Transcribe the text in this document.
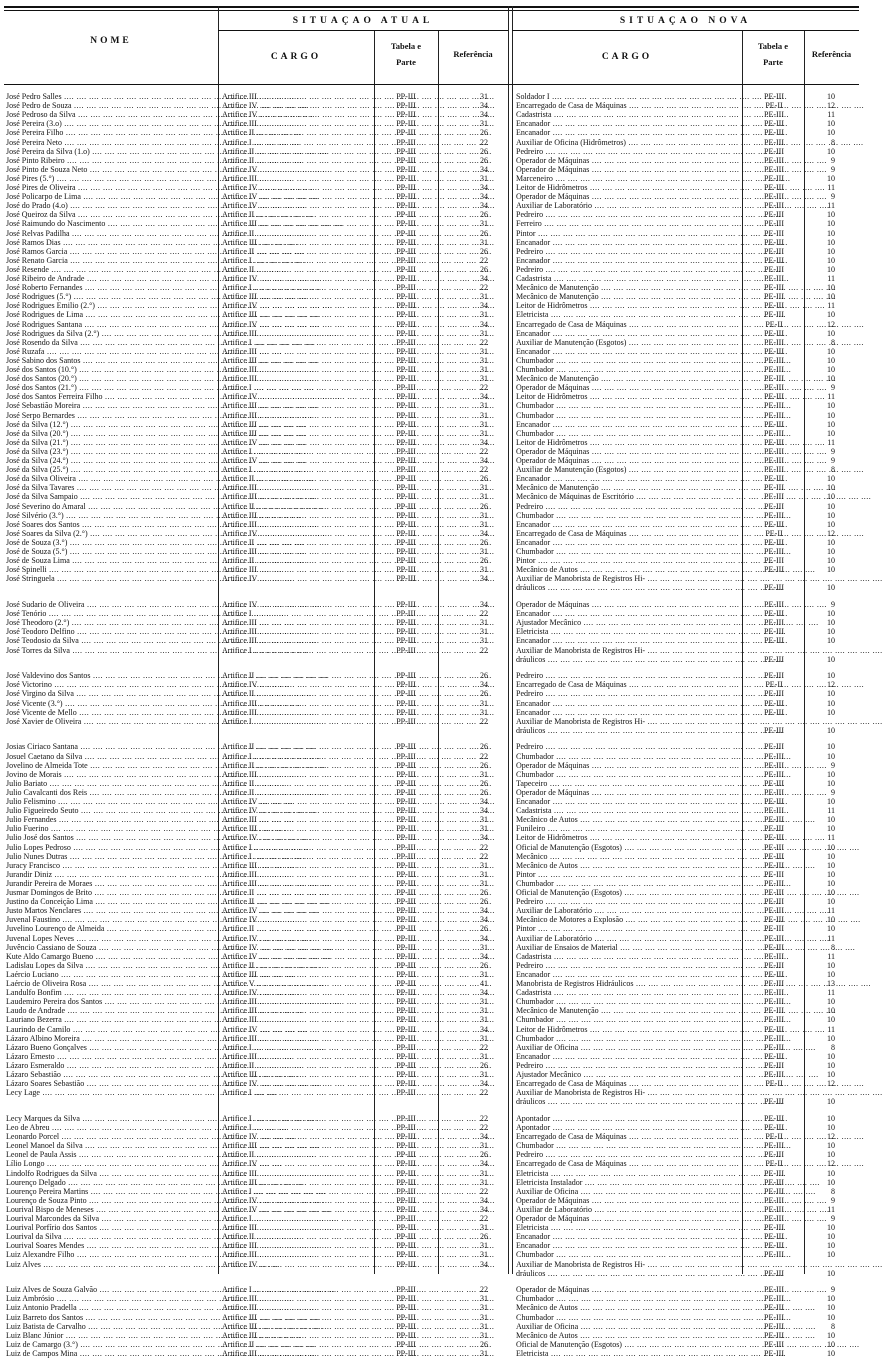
NOME
SITUAÇAO ATUAL	SITUAÇAO NOVA
CARGO
Tabela e
Parte
Referência	CARGO
Tabela e
Parte
Referência
José Pedro Salles ....	Artifice III ....	PP-III	31	Soldador I ....	PE-III	10
José Pedro de Souza ....	Artifice IV ....	PP-III	34	Encarregado de Casa de Máquinas ....	PE-II	12
José Pedroso da Silva ....	Artifice IV ....	PP-III	34	Cadastrista ....	PE-III	11
José Pereira (3.o) ....	Artifice III ....	PP-III	31	Encanador ....	PE-III	10
José Pereira Filho ....	Artifice II ....	PP-III	26	Encanador ....	PE-III	10
José Pereira Neto ....	Artifice I ....	PP-III	22	Auxiliar de Oficina (Hidrômetros) ....	PE-III	8
José Pereira da Silva (1.o) ....	Artifice II ....	PP-III	26	Pedreiro ....	PE-III	10
José Pinto Ribeiro ....	Artifice II ....	PP-III	26	Operador de Máquinas ....	PE-III	9
José Pinto de Souza Neto ....	Artifice IV ....	PP-III	34	Operador de Máquinas ....	PE-III	9
José Pires (5.°) ....	Artifice III ....	PP-III	31	Marceneiro ....	PE-III	10
José Pires de Oliveira ....	Artifice IV ....	PP-III	34	Leitor de Hidrômetros ....	PE-III	11
José Policarpo de Lima ....	Artifice IV ....	PP-III	34	Operador de Máquinas ....	PE-III	9
José do Prado (4.o) ....	Artifice IV ....	PP-III	34	Auxiliar de Laboratório ....	PE-III	11
José Queiroz da Silva ....	Artifice II ....	PP-III	26	Pedreiro ....	PE-III	10
José Raimundo do Nascimento ....	Artifice III ....	PP-III	31	Ferreiro ....	PE-III	10
José Relvas Padilha ....	Artifice II ....	PP-III	26	Pintor ....	PE-III	10
José Ramos Dias ....	Artifice III ....	PP-III	31	Encanador ....	PE-III	10
José Ramos Garcia ....	Artifice II ....	PP-III	26	Pedreiro ....	PE-III	10
José Renato Garcia ....	Artifice I ....	PP-III	22	Encanador ....	PE-III	10
José Resende ....	Artifice II ....	PP-III	26	Pedreiro ....	PE-III	10
José Ribeiro de Andrade ....	Artifice IV ....	PP-III	34	Cadastrista ....	PE-III	11
José Roberto Fernandes ....	Artifice I ....	PP-III	22	Mecânico de Manutenção ....	PE-III	10
José Rodrigues (5.°) ....	Artifice III ....	PP-III	31	Mecânico de Manutenção ....	PE-III	10
José Rodrigues Emilio (2.°) ....	Artifice IV ....	PP-III	34	Leitor de Hidrômetros ....	PE-III	11
José Rodrigues de Lima ....	Artifice III ....	PP-III	31	Eletricista ....	PE-III	10
José Rodrigues Santana ....	Artifice IV ....	PP-III	34	Encarregado de Casa de Máquinas ....	PE-II	12
José Rodrigues da Silva (2.°) ....	Artifice III ....	PP-III	31	Encanador ....	PE-III	10
José Rosendo da Silva ....	Artifice I ....	PP-III	22	Auxiliar de Manutenção (Esgotos) ....	PE-III	8
José Ruzafa ....	Artifice III ....	PP-III	31	Encanador ....	PE-III	10
José Sabino dos Santos ....	Artifice III ....	PP-III	31	Chumbador ....	PE-III	10
José dos Santos (10.°) ....	Artifice III ....	PP-III	31	Chumbador ....	PE-III	10
José dos Santos (20.°) ....	Artifice III ....	PP-III	31	Mecânico de Manutenção ....	PE-III	10
José dos Santos (21.°) ....	Artifice I ....	PP-III	22	Operador de Máquinas ....	PE-III	9
José dos Santos Ferreira Filho ....	Artifice IV ....	PP-III	34	Leitor de Hidrômetros ....	PE-III	11
José Sebastião Moreira ....	Artifice III ....	PP-III	31	Chumbador ....	PE-III	10
José Serpo Bernardes ....	Artifice III ....	PP-III	31	Chumbador ....	PE-III	10
José da Silva (12.°) ....	Artifice III ....	PP-III	31	Encanador ....	PE-III	10
José da Silva (20.°) ....	Artifice III ....	PP-III	31	Chumbador ....	PE-III	10
José da Silva (21.°) ....	Artifice IV ....	PP-III	34	Leitor de Hidrômetros ....	PE-III	11
José da Silva (23.°) ....	Artifice I ....	PP-III	22	Operador de Máquinas ....	PE-III	9
José da Silva (24.°) ....	Artifice IV ....	PP-III	34	Operador de Máquinas ....	PE-III	9
José da Silva (25.°) ....	Artifice I ....	PP-III	22	Auxiliar de Manutenção (Esgotos) ....	PE-III	8
José da Silva Oliveira ....	Artifice II ....	PP-III	26	Encanador ....	PE-III	10
José da Silva Tavares ....	Artifice III ....	PP-III	31	Mecânico de Manutenção ....	PE-III	10
José da Silva Sampaio ....	Artifice III ....	PP-III	31	Mecânico de Máquinas de Escritório ....	PE-III	10
José Severino do Amaral ....	Artifice II ....	PP-III	26	Pedreiro ....	PE-III	10
José Silvério (3.°) ....	Artifice III ....	PP-III	31	Chumbador ....	PE-III	10
José Soares dos Santos ....	Artifice III ....	PP-III	31	Encanador ....	PE-III	10
José Soares da Silva (2.°) ....	Artifice IV ....	PP-III	34	Encarregado de Casa de Máquinas ....	PE-II	12
José de Souza (3.°) ....	Artifice II ....	PP-III	26	Encanador ....	PE-III	10
José de Souza (5.°) ....	Artifice III ....	PP-III	31	Chumbador ....	PE-III	10
José de Souza Lima ....	Artifice II ....	PP-III	26	Pintor ....	PE-III	10
José Spinelli ....	Artifice III ....	PP-III	31	Mecânico de Autos ....	PE-III	10
José Stringuela ....	Artifice IV ....	PP-III	34	Auxiliar de Manobrista de Registros Hi- ....
dráulicos ....	PE-III	10
José Sudario de Oliveira ....	Artifice IV ....	PP-III	34	Operador de Máquinas ....	PE-III	9
José Tenório ....	Artifice I ....	PP-III	22	Encanador ....	PE-III	10
José Theodoro (2.°) ....	Artifice III ....	PP-III	31	Ajustador Mecânico ....	PE-III	10
José Teodoro Delfino ....	Artifice III ....	PP-III	31	Eletricista ....	PE-III	10
José Teodosio da Silva ....	Artifice III ....	PP-III	31	Encanador ....	PE-III	10
José Torres da Silva ....	Artifice I ....	PP-III	22	Auxiliar de Manobrista de Registros Hi- ....
dráulicos ....	PE-III	10
José Valdevino dos Santos ....	Artifice II ....	PP-III	26	Pedreiro ....	PE-III	10
José Victorino ....	Artifice IV ....	PP-III	34	Encarregado de Casa de Máquinas ....	PE-II	12
José Virgino da Silva ....	Artifice II ....	PP-III	26	Pedreiro ....	PE-III	10
José Vicente (3.°) ....	Artifice III ....	PP-III	31	Encanador ....	PE-III	10
José Vicente de Mello ....	Artifice III ....	PP-III	31	Encanador ....	PE-III	10
José Xavier de Oliveira ....	Artifice I ....	PP-III	22	Auxiliar de Manobrista de Registros Hi- ....
dráulicos ....	PE-III	10
Josias Ciriaco Santana ....	Artifice II ....	PP-III	26	Pedreiro ....	PE-III	10
Josuel Caetano da Silva ....	Artifice I ....	PP-III	22	Chumbador ....	PE-III	10
Jovelino de Almeida Tote ....	Artifice II ....	PP-III	26	Operador de Máquinas ....	PE-III	9
Jovino de Morais ....	Artifice III ....	PP-III	31	Chumbador ....	PE-III	10
Julio Bariato ....	Artifice II ....	PP-III	26	Tapeceiro ....	PE-III	10
Julio Cavalcanti dos Reis ....	Artifice II ....	PP-III	26	Operador de Máquinas ....	PE-III	9
Julio Felismino ....	Artifice IV ....	PP-III	34	Encanador ....	PE-III	10
Julio Figueiredo Seuto ....	Artifice IV ....	PP-III	34	Cadastrista ....	PE-III	11
Julio Fernandes ....	Artifice III ....	PP-III	31	Mecânico de Autos ....	PE-III	10
Julio Fuerino ....	Artifice III ....	PP-III	31	Funileiro ....	PE-III	10
Julio José dos Santos ....	Artifice IV ....	PP-III	34	Leitor de Hidrômetros ....	PE-III	11
Julio Lopes Pedroso ....	Artifice I ....	PP-III	22	Oficial de Manutenção (Esgotos) ....	PE-III	10
Julio Nunes Dutras ....	Artifice I ....	PP-III	22	Mecânico ....	PE-III	10
Juracy Francisco ....	Artifice III ....	PP-III	31	Mecânico de Autos ....	PE-III	10
Jurandir Diniz ....	Artifice III ....	PP-III	31	Pintor ....	PE-III	10
Jurandir Pereira de Moraes ....	Artifice III ....	PP-III	31	Chumbador ....	PE-III	10
Jusmar Domingos de Brito ....	Artifice II ....	PP-III	26	Oficial de Manutenção (Esgotos) ....	PE-III	10
Justino da Conceição Lima ....	Artifice II ....	PP-III	26	Pedreiro ....	PE-III	10
Justo Martos Nenclares ....	Artifice IV ....	PP-III	34	Auxiliar de Laboratório ....	PE-III	11
Juvenal Faustino ....	Artifice IV ....	PP-III	34	Mecânico de Motores a Explosão ....	PE-III	10
Juvelino Lourenço de Almeida ....	Artifice II ....	PP-III	26	Pintor ....	PE-III	10
Juvenal Lopes Neves ....	Artifice IV ....	PP-III	34	Auxiliar de Laboratório ....	PE-III	11
Juvêncio Cassiano de Souza ....	Artifice IV ....	PP-III	31	Auxiliar de Ensaios de Material ....	PE-III	8
Kute Aldo Camargo Bueno ....	Artifice IV ....	PP-III	34	Cadastrista ....	PE-III	11
Ladislau Lopes da Silva ....	Artifice II ....	PP-III	26	Pedreiro ....	PE-III	10
Laércio Luciano ....	Artifice III ....	PP-III	31	Encanador ....	PE-III	10
Laércio de Oliveira Rosa ....	Artifice V ....	PP-III	41	Manobrista de Registros Hidráulicos ....	PE-III	13
Landulfo Bonfim ....	Artifice IV ....	PP-III	34	Cadastrista ....	PE-III	11
Laudemiro Pereira dos Santos ....	Artifice III ....	PP-III	31	Chumbador ....	PE-III	10
Laudo de Andrade ....	Artifice III ....	PP-III	31	Mecânico de Manutenção ....	PE-III	10
Lauriano Bezerra ....	Artifice III ....	PP-III	31	Chumbador ....	PE-III	10
Laurindo de Camilo ....	Artifice IV ....	PP-III	34	Leitor de Hidrômetros ....	PE-III	11
Lázaro Albino Moreira ....	Artifice III ....	PP-III	31	Chumbador ....	PE-III	10
Lázaro Bueno Gonçalves ....	Artifice I ....	PP-III	22	Auxiliar de Oficina ....	PE-III	8
Lázaro Ernesto ....	Artifice III ....	PP-III	31	Encanador ....	PE-III	10
Lázaro Esmeraldo ....	Artifice II ....	PP-III	26	Pedreiro ....	PE-III	10
Lázaro Sebastião ....	Artifice III ....	PP-III	31	Ajustador Mecânico ....	PE-III	10
Lázaro Soares Sebastião ....	Artifice IV ....	PP-III	34	Encarregado de Casa de Máquinas ....	PE-II	12
Lecy Lage ....	Artifice I ....	PP-III	22	Auxiliar de Manobrista de Registros Hi- ....
dráulicos ....	PE-III	10
Lecy Marques da Silva ....	Artifice I ....	PP-III	22	Apontador ....	PE-III	10
Leo de Abreu ....	Artifice I ....	PP-III	22	Apontador ....	PE-III	10
Leonardo Porcel ....	Artifice IV ....	PP-III	34	Encarregado de Casa de Máquinas ....	PE-II	12
Leonel Manoel da Silva ....	Artifice III ....	PP-III	31	Chumbador ....	PE-III	10
Leonel de Paula Assis ....	Artifice II ....	PP-III	26	Pedreiro ....	PE-III	10
Lílio Longo ....	Artifice IV ....	PP-III	34	Encarregado de Casa de Máquinas ....	PE-II	12
Lindolfo Rodrigues da Silva ....	Artifice III ....	PP-III	31	Eletricista ....	PE-III	10
Lourenço Delgado ....	Artifice III ....	PP-III	31	Eletricista Instalador ....	PE-III	10
Lourenço Pereira Martins ....	Artifice I ....	PP-III	22	Auxiliar de Oficina ....	PE-III	8
Lourenço de Souza Pinto ....	Artifice IV ....	PP-III	34	Operador de Máquinas ....	PE-III	9
Lourival Bispo de Meneses ....	Artifice IV ....	PP-III	34	Auxiliar de Laboratório ....	PE-III	11
Lourival Marcondes da Silva ....	Artifice I ....	PP-III	22	Operador de Máquinas ....	PE-III	9
Lourival Porfírio dos Santos ....	Artifice III ....	PP-III	31	Eletricista ....	PE-III	10
Lourival da Silva ....	Artifice II ....	PP-III	26	Encanador ....	PE-III	10
Lourival Soares Mendes ....	Artifice III ....	PP-III	31	Encanador ....	PE-III	10
Luiz Alexandre Filho ....	Artifice III ....	PP-III	31	Chumbador ....	PE-III	10
Luiz Alves ....	Artifice IV ....	PP-III	34	Auxiliar de Manobrista de Registros Hi- ....
dráulicos ....	PE-III	10
Luiz Alves de Souza Galvão ....	Artifice I ....	PP-III	22	Operador de Máquinas ....	PE-III	9
Luiz Ambrósio ....	Artifice III ....	PP-III	31	Chumbador ....	PE-III	10
Luiz Antonio Pradella ....	Artifice III ....	PP-III	31	Mecânico de Autos ....	PE-III	10
Luiz Barreto dos Santos ....	Artifice III ....	PP-III	31	Chumbador ....	PE-III	10
Luiz Batista de Carvalho ....	Artifice III ....	PP-III	31	Auxiliar de Oficina ....	PE-III	8
Luiz Blanc Júnior ....	Artifice III ....	PP-III	31	Mecânico de Autos ....	PE-III	10
Luiz de Camargo (3.°) ....	Artifice II ....	PP-III	26	Oficial de Manutenção (Esgotos) ....	PE-III	10
Luiz de Campos Mina ....	Artifice III ....	PP-III	31	Eletricista ....	PE-III	10
